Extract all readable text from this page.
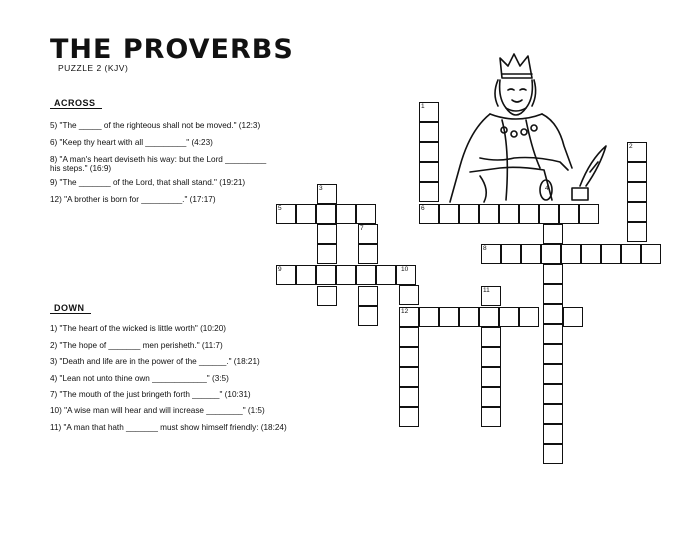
THE PROVERBS
PUZZLE 2 (KJV)
ACROSS
5) "The _____ of the righteous shall not be moved." (12:3)
6) "Keep thy heart with all _________" (4:23)
8) "A man's heart deviseth his way: but the Lord _________
his steps." (16:9)
9) "The _______ of the Lord, that shall stand." (19:21)
12) "A brother is born for _________." (17:17)
DOWN
1) "The heart of the wicked is little worth" (10:20)
2) "The hope of _______ men perisheth." (11:7)
3) "Death and life are in the power of the ______." (18:21)
4) "Lean not unto thine own ____________" (3:5)
7) "The mouth of the just bringeth forth ______" (10:31)
10) "A wise man will hear and will increase ________" (1:5)
11) "A man that hath _______ must show himself friendly: (18:24)
1
2
3	4
5	6
7
8
9	10
11
12
